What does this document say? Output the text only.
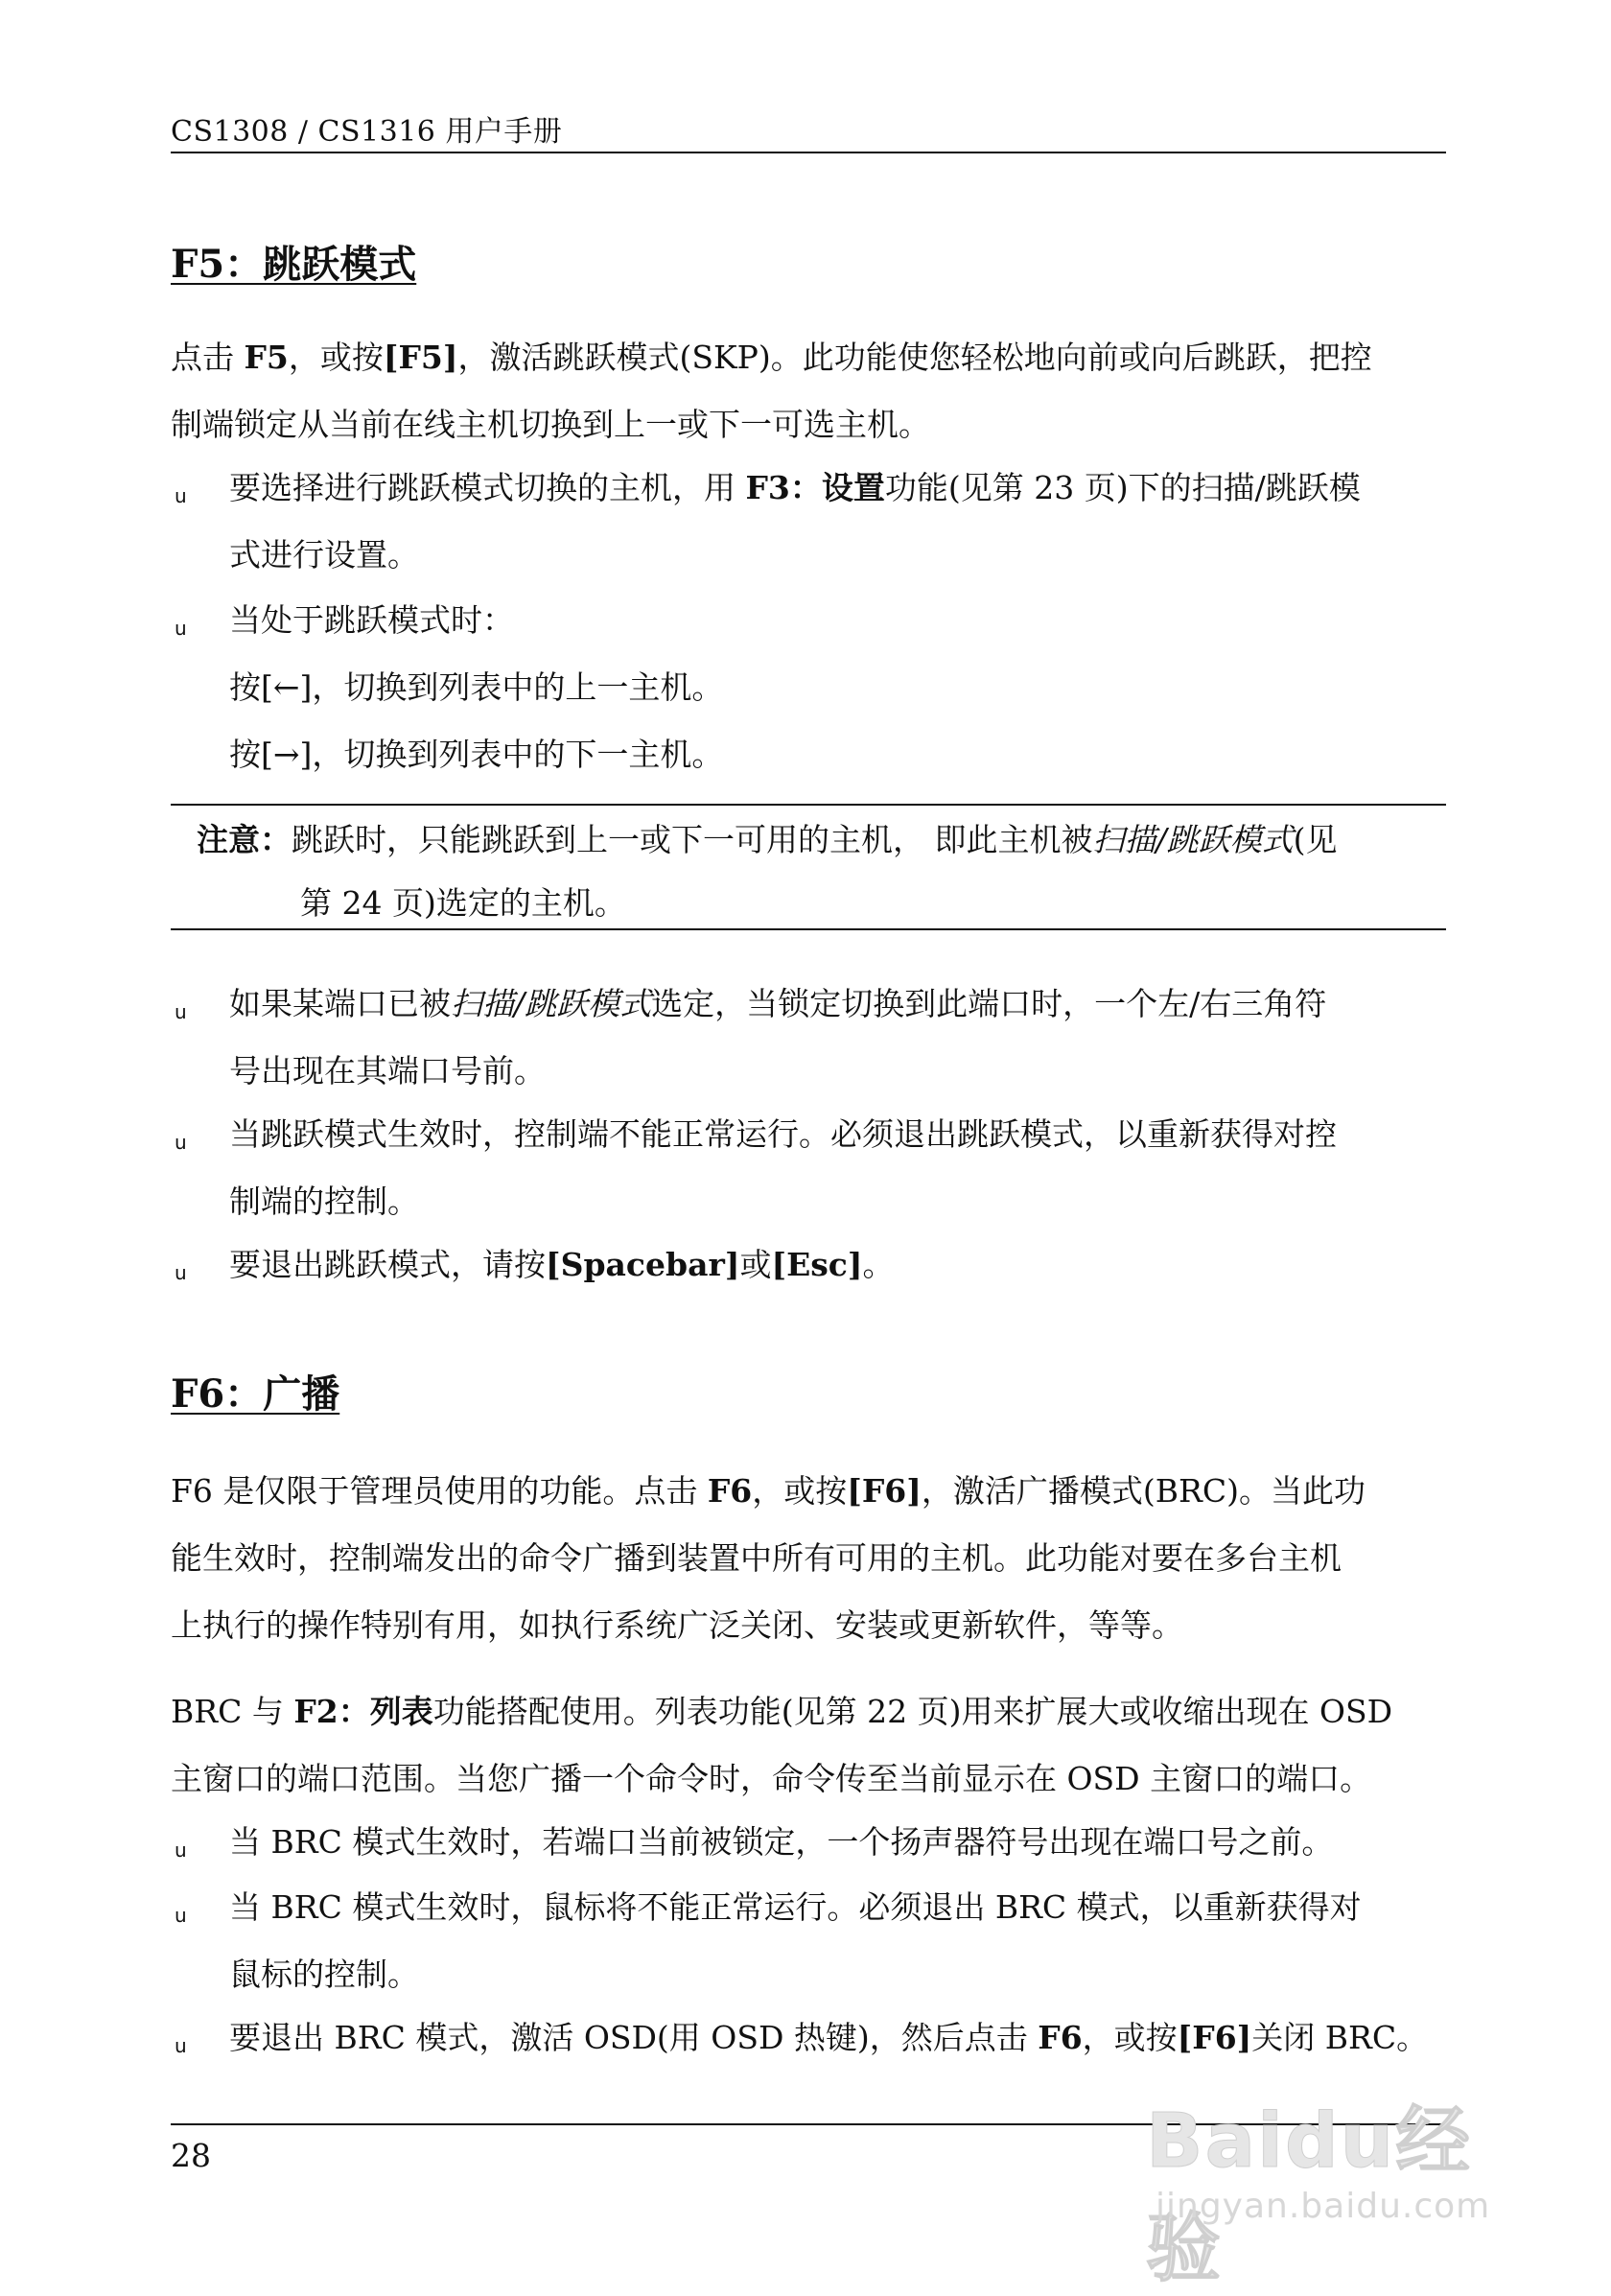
CS1308 / CS1316 用户手册
F5：跳跃模式
点击 F5，或按[F5]，激活跳跃模式(SKP)。此功能使您轻松地向前或向后跳跃，把控
制端锁定从当前在线主机切换到上一或下一可选主机。
u	要选择进行跳跃模式切换的主机，用 F3：设置功能(见第 23 页)下的扫描/跳跃模
式进行设置。
u	当处于跳跃模式时：
按[←]，切换到列表中的上一主机。
按[→]，切换到列表中的下一主机。
注意：跳跃时，只能跳跃到上一或下一可用的主机， 即此主机被扫描/跳跃模式(见
第 24 页)选定的主机。
u	如果某端口已被扫描/跳跃模式选定，当锁定切换到此端口时，一个左/右三角符
号出现在其端口号前。
u	当跳跃模式生效时，控制端不能正常运行。必须退出跳跃模式，以重新获得对控
制端的控制。
u	要退出跳跃模式，请按[Spacebar]或[Esc]。
F6：广播
F6 是仅限于管理员使用的功能。点击 F6，或按[F6]，激活广播模式(BRC)。当此功
能生效时，控制端发出的命令广播到装置中所有可用的主机。此功能对要在多台主机
上执行的操作特别有用，如执行系统广泛关闭、安装或更新软件，等等。
BRC 与 F2：列表功能搭配使用。列表功能(见第 22 页)用来扩展大或收缩出现在 OSD
主窗口的端口范围。当您广播一个命令时，命令传至当前显示在 OSD 主窗口的端口。
u	当 BRC 模式生效时，若端口当前被锁定，一个扬声器符号出现在端口号之前。
u	当 BRC 模式生效时，鼠标将不能正常运行。必须退出 BRC 模式，以重新获得对
鼠标的控制。
u	要退出 BRC 模式，激活 OSD(用 OSD 热键)，然后点击 F6，或按[F6]关闭 BRC。
28	Baidu经验
jingyan.baidu.com
